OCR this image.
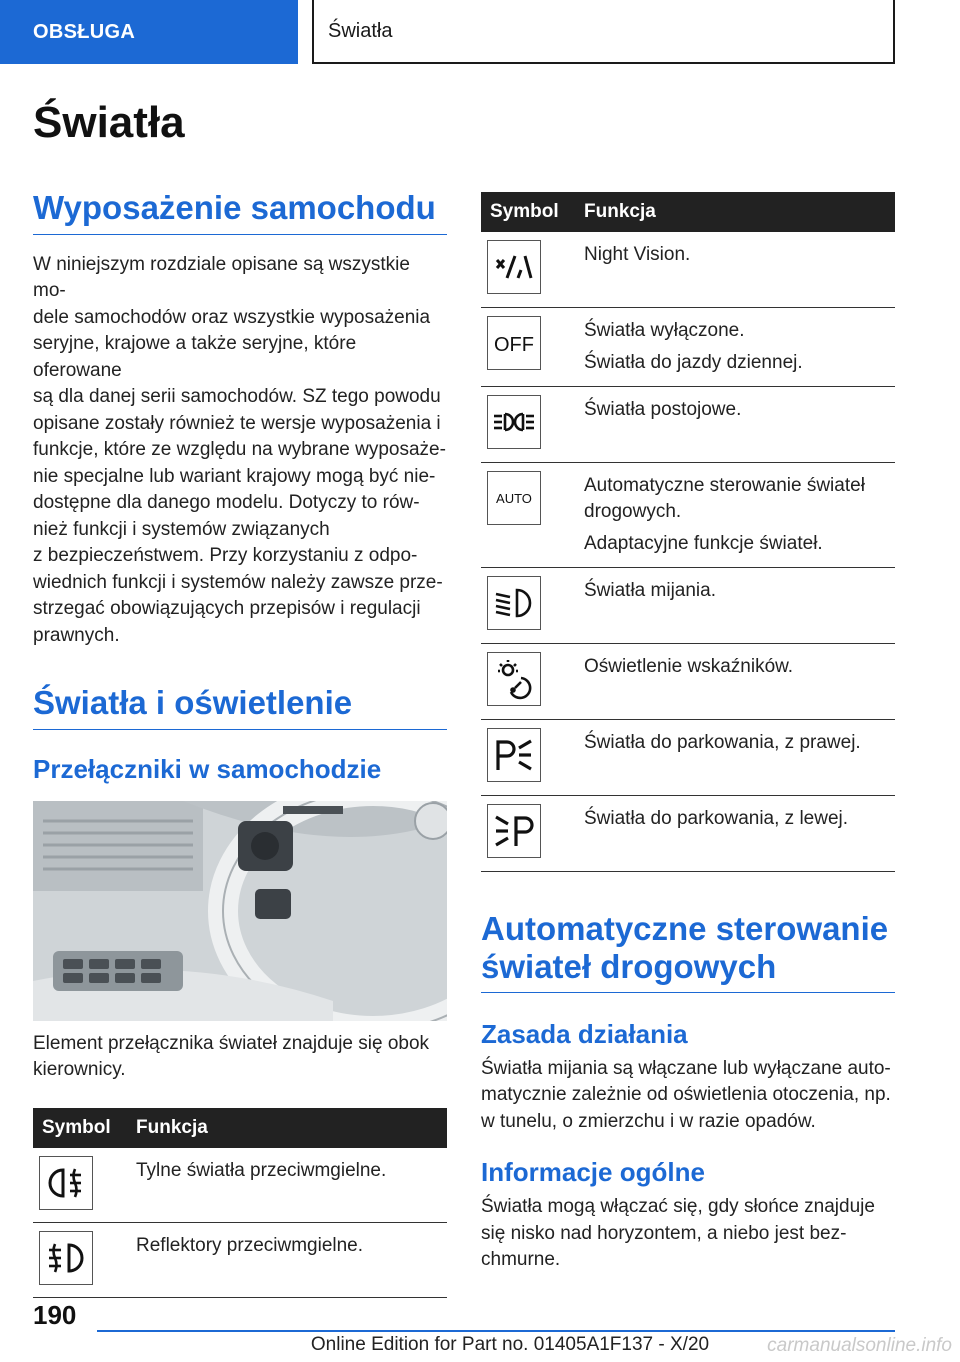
OBSŁUGA	Światła
Światła
Wyposażenie samochodu

W niniejszym rozdziale opisane są wszystkie mo-
dele samochodów oraz wszystkie wyposażenia
seryjne, krajowe a także seryjne, które oferowane
są dla danej serii samochodów. SZ tego powodu
opisane zostały również te wersje wyposażenia i
funkcje, które ze względu na wybrane wyposaże-
nie specjalne lub wariant krajowy mogą być nie-
dostępne dla danego modelu. Dotyczy to rów-
nież funkcji i systemów związanych
z bezpieczeństwem. Przy korzystaniu z odpo-
wiednich funkcji i systemów należy zawsze prze-
strzegać obowiązujących przepisów i regulacji
prawnych.

Światła i oświetlenie
Przełączniki w samochodzie

Element przełącznika świateł znajduje się obok
kierownicy.

Symbol	Funkcja

	Tylne światła przeciwmgielne.

	Reflektory przeciwmgielne.
Symbol	Funkcja

Night Vision.

OFF	Światła wyłączone.
Światła do jazdy dziennej.

Światła postojowe.

AUTO	Automatyczne sterowanie świateł
drogowych.
Adaptacyjne funkcje świateł.

Światła mijania.

Oświetlenie wskaźników.

Światła do parkowania, z prawej.

Światła do parkowania, z lewej.
Automatyczne sterowanie
świateł drogowych
Zasada działania

Światła mijania są włączane lub wyłączane auto-
matycznie zależnie od oświetlenia otoczenia, np.
w tunelu, o zmierzchu i w razie opadów.

Informacje ogólne

Światła mogą włączać się, gdy słońce znajduje
się nisko nad horyzontem, a niebo jest bez-
chmurne.

190
Online Edition for Part no. 01405A1F137 - X/20	carmanualsonline.info
